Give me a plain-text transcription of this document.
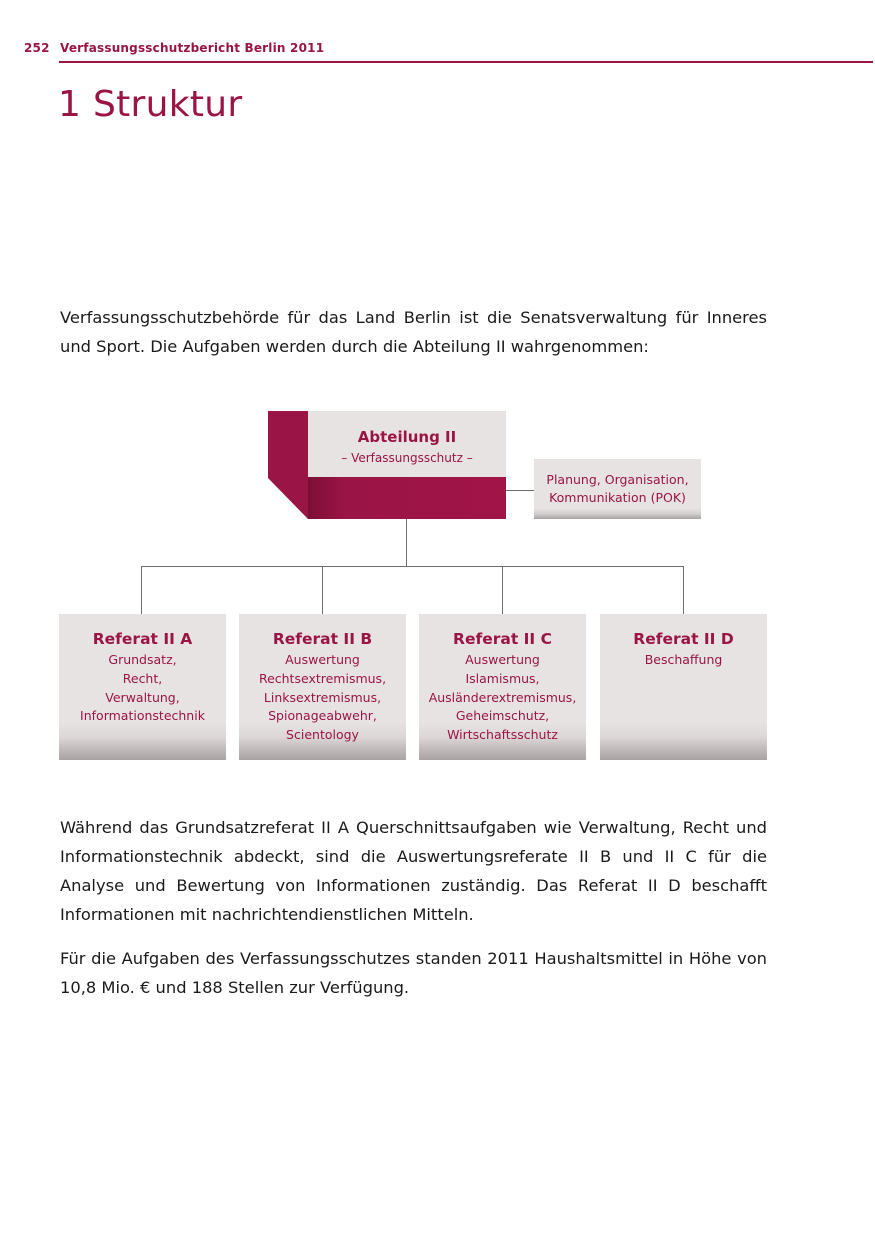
252 Verfassungsschutzbericht Berlin 2011
1 Struktur

Verfassungsschutzbehörde für das Land Berlin ist die Senatsverwaltung für Inneres und Sport. Die Aufgaben werden durch die Abteilung II wahrgenommen:

Abteilung II
– Verfassungsschutz –
Planung, Organisation,
Kommunikation (POK)
Referat II A
Grundsatz,
Recht,
Verwaltung,
Informationstechnik
Referat II B
Auswertung
Rechtsextremismus,
Linksextremismus,
Spionageabwehr,
Scientology
Referat II C
Auswertung
Islamismus,
Ausländerextremismus,
Geheimschutz,
Wirtschaftsschutz
Referat II D
Beschaffung

Während das Grundsatzreferat II A Querschnittsaufgaben wie Verwaltung, Recht und Informationstechnik abdeckt, sind die Auswertungsreferate II B und II C für die Analyse und Bewertung von Informationen zuständig. Das Referat II D beschafft Informationen mit nachrichtendienstlichen Mitteln.

Für die Aufgaben des Verfassungsschutzes standen 2011 Haushaltsmittel in Höhe von 10,8 Mio. € und 188 Stellen zur Verfügung.
